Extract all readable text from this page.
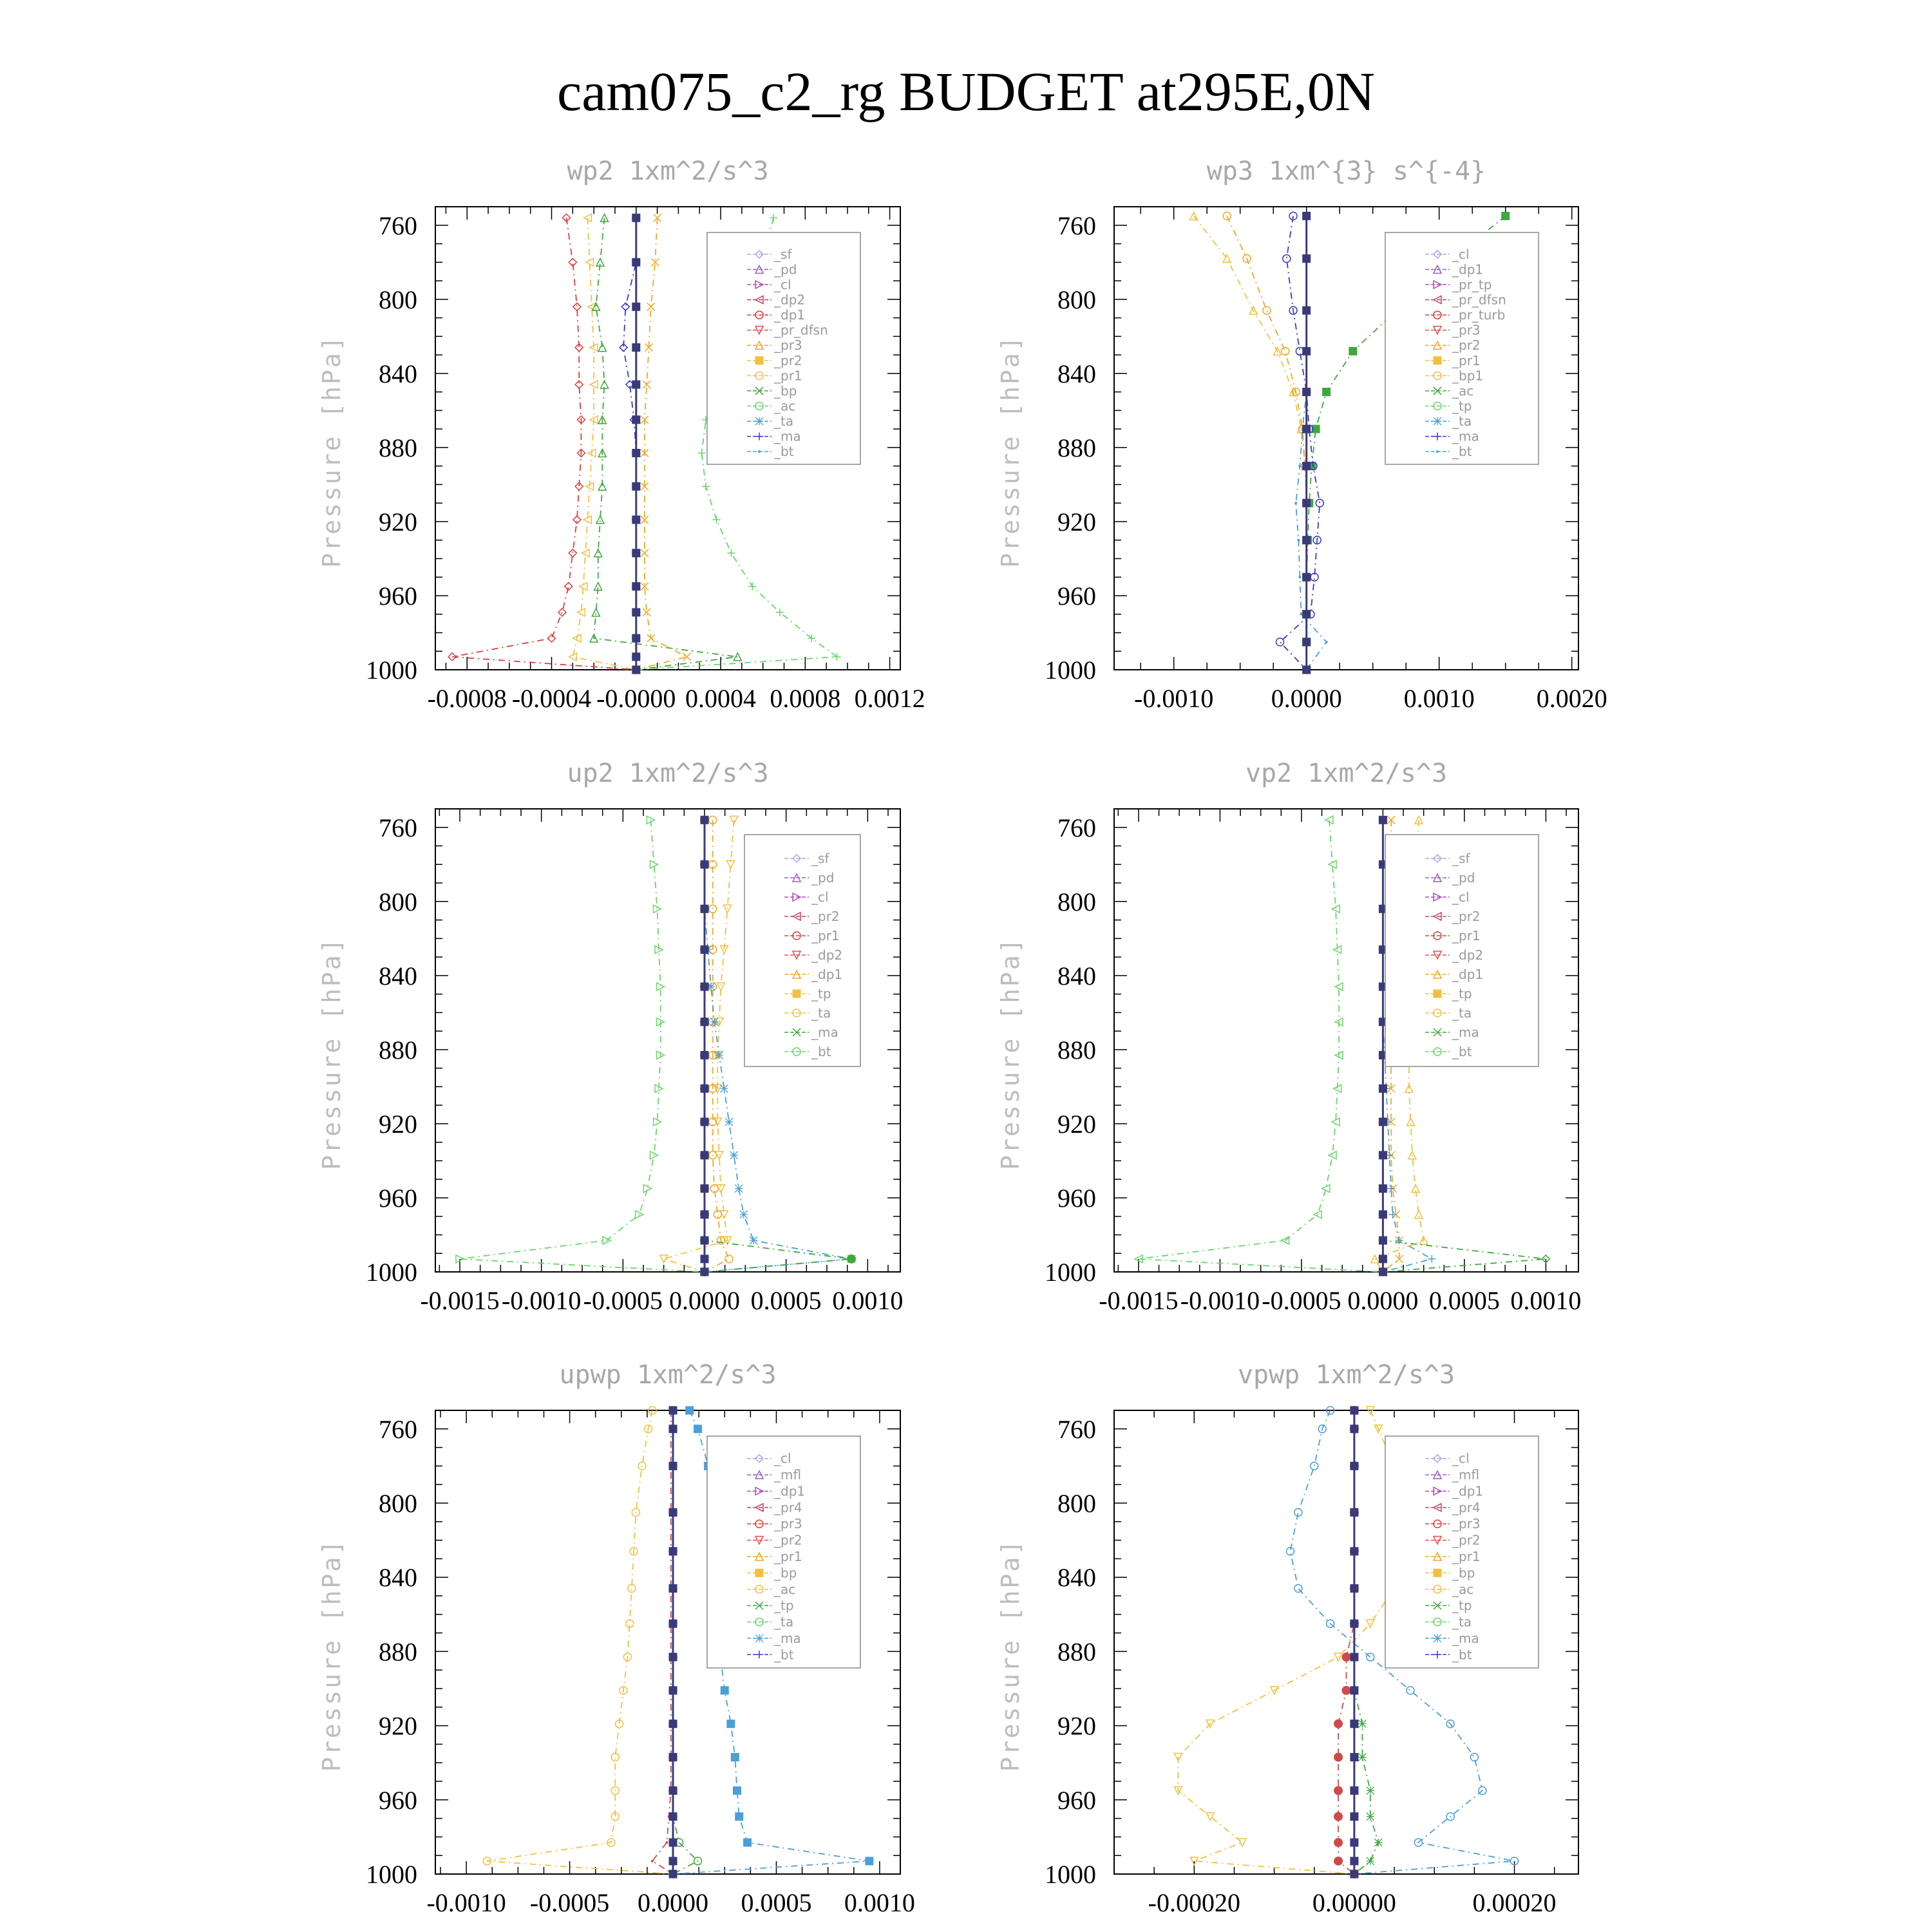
cam075_c2_rg BUDGET at295E,0N
wp2 1xm^2/s^3
Pressure [hPa]
760
800
840
880
920
960
1000
-0.0008 -0.0004 -0.0000 0.0004 0.0008 0.0012
_sf
_pd
_cl
_dp2
_dp1
_pr_dfsn
_pr3
_pr2
_pr1
_bp
_ac
_ta
_ma
_bt
wp3 1xm^{3} s^{-4}
Pressure [hPa]
760
800
840
880
920
960
1000
-0.0010 0.0000 0.0010 0.0020
_cl
_dp1
_pr_tp
_pr_dfsn
_pr_turb
_pr3
_pr2
_pr1
_bp1
_ac
_tp
_ta
_ma
_bt
up2 1xm^2/s^3
Pressure [hPa]
760
800
840
880
920
960
1000
-0.0015 -0.0010 -0.0005 0.0000 0.0005 0.0010
_sf
_pd
_cl
_pr2
_pr1
_dp2
_dp1
_tp
_ta
_ma
_bt
vp2 1xm^2/s^3
Pressure [hPa]
760
800
840
880
920
960
1000
-0.0015 -0.0010 -0.0005 0.0000 0.0005 0.0010
_sf
_pd
_cl
_pr2
_pr1
_dp2
_dp1
_tp
_ta
_ma
_bt
upwp 1xm^2/s^3
Pressure [hPa]
760
800
840
880
920
960
1000
-0.0010 -0.0005 0.0000 0.0005 0.0010
_cl
_mfl
_dp1
_pr4
_pr3
_pr2
_pr1
_bp
_ac
_tp
_ta
_ma
_bt
vpwp 1xm^2/s^3
Pressure [hPa]
760
800
840
880
920
960
1000
-0.00020	0.00000	0.00020
_cl
_mfl
_dp1
_pr4
_pr3
_pr2
_pr1
_bp
_ac
_tp
_ta
_ma
_bt
